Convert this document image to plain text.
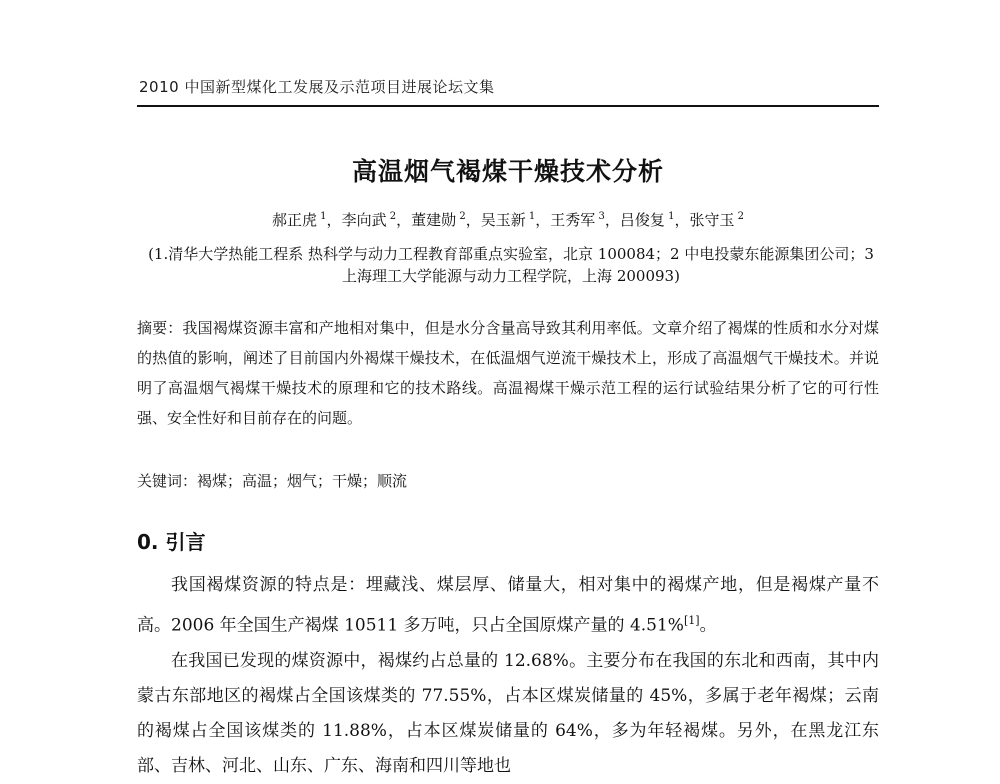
2010 中国新型煤化工发展及示范项目进展论坛文集
高温烟气褐煤干燥技术分析
郝正虎 $^1$，李向武 $^2$，董建勋 $^2$，吴玉新 $^1$，王秀军 $^3$，吕俊复 $^1$，张守玉 $^2$
(1.清华大学热能工程系 热科学与动力工程教育部重点实验室，北京 100084；2 中电投蒙东能源集团公司；3 上海理工大学能源与动力工程学院，上海 200093)
摘要：我国褐煤资源丰富和产地相对集中，但是水分含量高导致其利用率低。文章介绍了褐煤的性质和水分对煤的热值的影响，阐述了目前国内外褐煤干燥技术，在低温烟气逆流干燥技术上，形成了高温烟气干燥技术。并说明了高温烟气褐煤干燥技术的原理和它的技术路线。高温褐煤干燥示范工程的运行试验结果分析了它的可行性强、安全性好和目前存在的问题。
关键词：褐煤；高温；烟气；干燥；顺流
0. 引言

我国褐煤资源的特点是：埋藏浅、煤层厚、储量大，相对集中的褐煤产地，但是褐煤产量不高。2006 年全国生产褐煤 10511 多万吨，只占全国原煤产量的 4.51%[1]。

在我国已发现的煤资源中，褐煤约占总量的 12.68%。主要分布在我国的东北和西南，其中内蒙古东部地区的褐煤占全国该煤类的 77.55%，占本区煤炭储量的 45%，多属于老年褐煤；云南的褐煤占全国该煤类的 11.88%，占本区煤炭储量的 64%，多为年轻褐煤。另外，在黑龙江东部、吉林、河北、山东、广东、海南和四川等地也
